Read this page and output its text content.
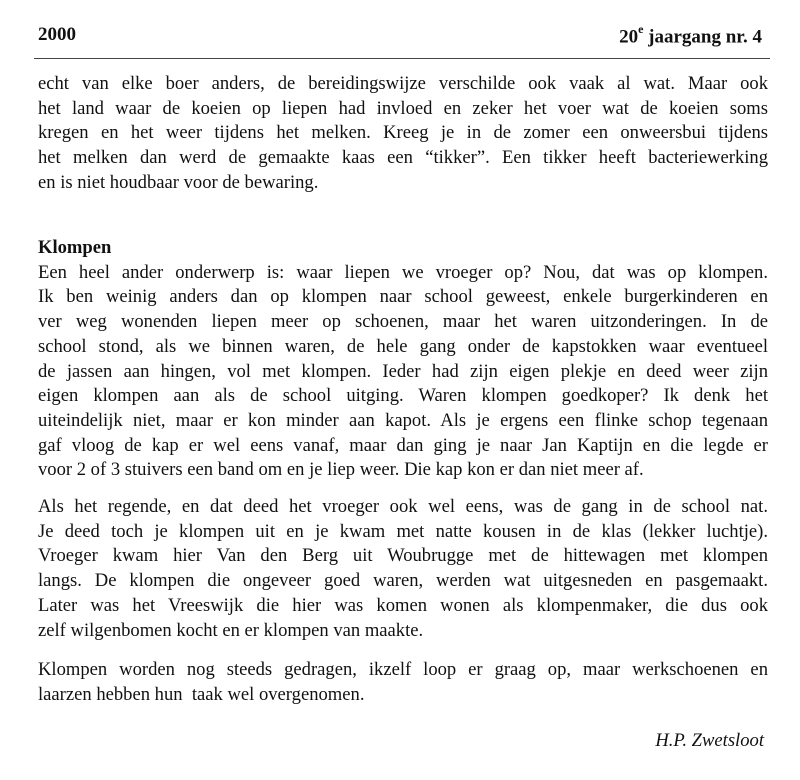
2000	20e jaargang nr. 4
echt van elke boer anders, de bereidingswijze verschilde ook vaak al wat. Maar ook
het land waar de koeien op liepen had invloed en zeker het voer wat de koeien soms
kregen en het weer tijdens het melken. Kreeg je in de zomer een onweersbui tijdens
het melken dan werd de gemaakte kaas een “tikker”. Een tikker heeft bacteriewerking
en is niet houdbaar voor de bewaring.
Klompen
Een heel ander onderwerp is: waar liepen we vroeger op? Nou, dat was op klompen.
Ik ben weinig anders dan op klompen naar school geweest, enkele burgerkinderen en
ver weg wonenden liepen meer op schoenen, maar het waren uitzonderingen. In de
school stond, als we binnen waren, de hele gang onder de kapstokken waar eventueel
de jassen aan hingen, vol met klompen. Ieder had zijn eigen plekje en deed weer zijn
eigen klompen aan als de school uitging. Waren klompen goedkoper? Ik denk het
uiteindelijk niet, maar er kon minder aan kapot. Als je ergens een flinke schop tegenaan
gaf vloog de kap er wel eens vanaf, maar dan ging je naar Jan Kaptijn en die legde er
voor 2 of 3 stuivers een band om en je liep weer. Die kap kon er dan niet meer af.
Als het regende, en dat deed het vroeger ook wel eens, was de gang in de school nat.
Je deed toch je klompen uit en je kwam met natte kousen in de klas (lekker luchtje).
Vroeger kwam hier Van den Berg uit Woubrugge met de hittewagen met klompen
langs. De klompen die ongeveer goed waren, werden wat uitgesneden en pasgemaakt.
Later was het Vreeswijk die hier was komen wonen als klompenmaker, die dus ook
zelf wilgenbomen kocht en er klompen van maakte.
Klompen worden nog steeds gedragen, ikzelf loop er graag op, maar werkschoenen en
laarzen hebben hun  taak wel overgenomen.
H.P. Zwetsloot
